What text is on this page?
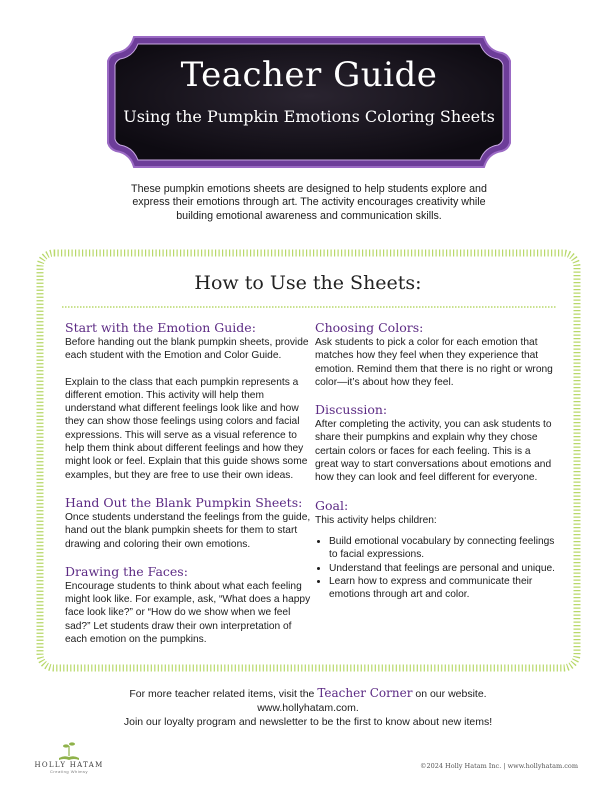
Teacher Guide
Using the Pumpkin Emotions Coloring Sheets
These pumpkin emotions sheets are designed to help students explore and express their emotions through art. The activity encourages creativity while building emotional awareness and communication skills.
How to Use the Sheets:
Start with the Emotion Guide:

Before handing out the blank pumpkin sheets, provide each student with the Emotion and Color Guide.

Explain to the class that each pumpkin represents a different emotion. This activity will help them understand what different feelings look like and how they can show those feelings using colors and facial expressions. This will serve as a visual reference to help them think about different feelings and how they might look or feel. Explain that this guide shows some examples, but they are free to use their own ideas.

Hand Out the Blank Pumpkin Sheets:

Once students understand the feelings from the guide, hand out the blank pumpkin sheets for them to start drawing and coloring their own emotions.

Drawing the Faces:

Encourage students to think about what each feeling might look like. For example, ask, “What does a happy face look like?” or “How do we show when we feel sad?” Let students draw their own interpretation of each emotion on the pumpkins.

Choosing Colors:

Ask students to pick a color for each emotion that matches how they feel when they experience that emotion. Remind them that there is no right or wrong color—it’s about how they feel.

Discussion:

After completing the activity, you can ask students to share their pumpkins and explain why they chose certain colors or faces for each feeling. This is a great way to start conversations about emotions and how they can look and feel different for everyone.

Goal:

This activity helps children:

• Build emotional vocabulary by connecting feelings to facial expressions.
• Understand that feelings are personal and unique.
• Learn how to express and communicate their emotions through art and color.
For more teacher related items, visit the Teacher Corner on our website. www.hollyhatam.com.
Join our loyalty program and newsletter to be the first to know about new items!
HOLLY HATAM
Creating Whimsy
©2024 Holly Hatam Inc. | www.hollyhatam.com
